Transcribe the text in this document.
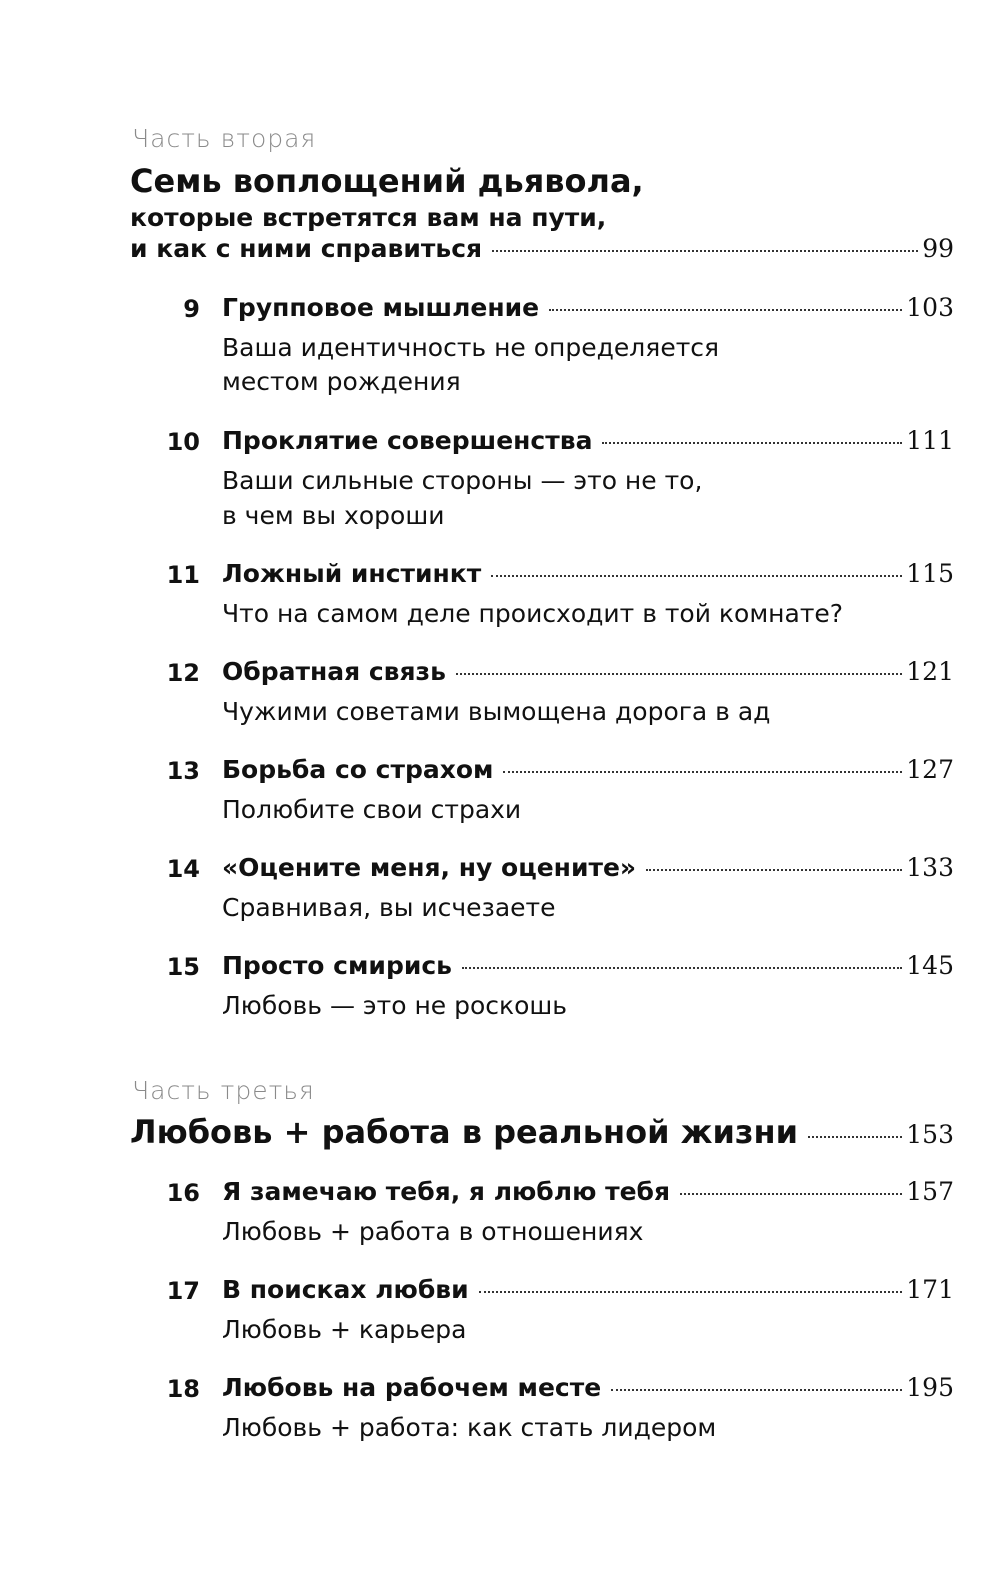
Часть вторая
Семь воплощений дьявола,
которые встретятся вам на пути,
и как с ними справиться	99
9 Групповое мышление	103
Ваша идентичность не определяется
местом рождения
10 Проклятие совершенства	111
Ваши сильные стороны — это не то,
в чем вы хороши
11 Ложный инстинкт	115
Что на самом деле происходит в той комнате?
12 Обратная связь	121
Чужими советами вымощена дорога в ад
13 Борьба со страхом	127
Полюбите свои страхи
14 «Оцените меня, ну оцените»	133
Сравнивая, вы исчезаете
15 Просто смирись	145
Любовь — это не роскошь
Часть третья
Любовь + работа в реальной жизни	153
16 Я замечаю тебя, я люблю тебя	157
Любовь + работа в отношениях
17 В поисках любви	171
Любовь + карьера
18 Любовь на рабочем месте	195
Любовь + работа: как стать лидером
